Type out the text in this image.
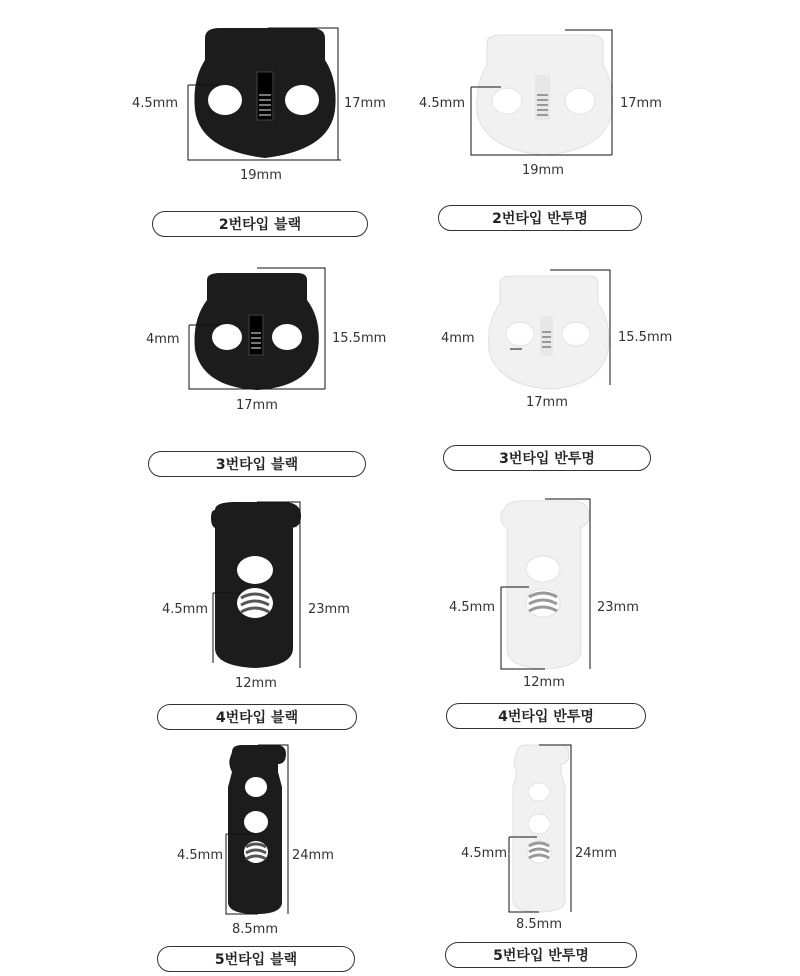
4.5mm	17mm
19mm
2번타입 블랙
4.5mm	17mm
19mm
2번타입 반투명
4mm	15.5mm
17mm
3번타입 블랙
4mm	15.5mm
17mm
3번타입 반투명
4.5mm	23mm
12mm
4번타입 블랙
4.5mm	23mm
12mm
4번타입 반투명
4.5mm	24mm
8.5mm
5번타입 블랙
4.5mm	24mm
8.5mm
5번타입 반투명
